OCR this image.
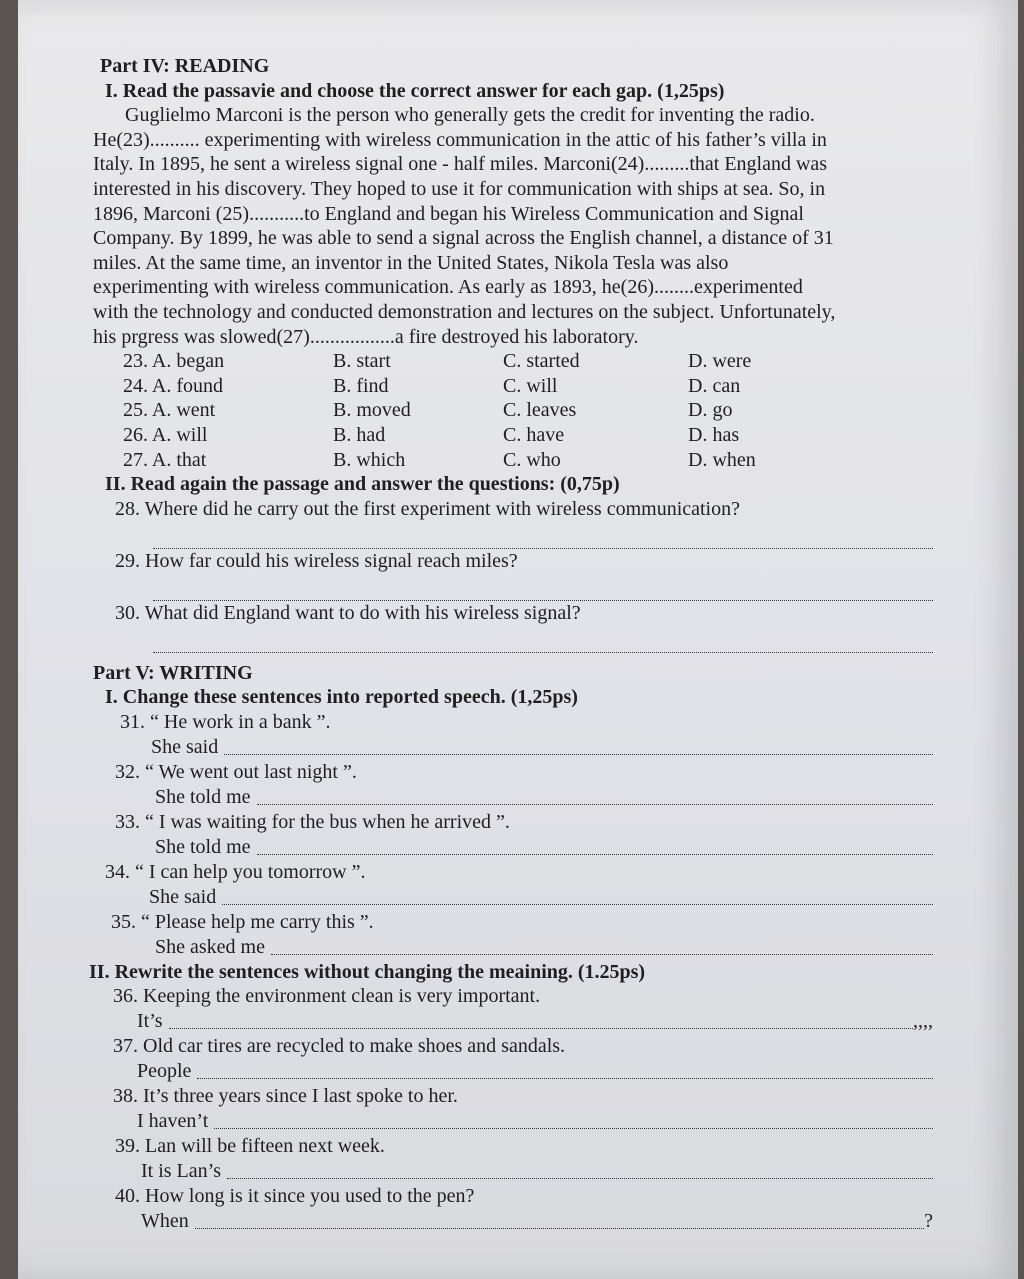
Part IV: READING
I. Read the passavie and choose the correct answer for each gap. (1,25ps)
Guglielmo Marconi is the person who generally gets the credit for inventing the radio.
He(23).......... experimenting with wireless communication in the attic of his father’s villa in
Italy. In 1895, he sent a wireless signal one - half miles. Marconi(24).........that England was
interested in his discovery. They hoped to use it for communication with ships at sea. So, in
1896, Marconi (25)...........to England and began his Wireless Communication and Signal
Company. By 1899, he was able to send a signal across the English channel, a distance of 31
miles. At the same time, an inventor in the United States, Nikola Tesla was also
experimenting with wireless communication. As early as 1893, he(26)........experimented
with the technology and conducted demonstration and lectures on the subject. Unfortunately,
his prgress was slowed(27).................a fire destroyed his laboratory.
23. A. began	B. start	C. started	D. were
24. A. found	B. find	C. will	D. can
25. A. went	B. moved	C. leaves	D. go
26. A. will	B. had	C. have	D. has
27. A. that	B. which	C. who	D. when
II. Read again the passage and answer the questions: (0,75p)
28. Where did he carry out the first experiment with wireless communication?
29. How far could his wireless signal reach miles?
30. What did England want to do with his wireless signal?
Part V: WRITING
I. Change these sentences into reported speech. (1,25ps)
31. “ He work in a bank ”.
She said
32. “ We went out last night ”.
She told me
33. “ I was waiting for the bus when he arrived ”.
She told me
34. “ I can help you tomorrow ”.
She said
35. “ Please help me carry this ”.
She asked me
II. Rewrite the sentences without changing the meaining. (1.25ps)
36. Keeping the environment clean is very important.
It’s	,,,,
37. Old car tires are recycled to make shoes and sandals.
People
38. It’s three years since I last spoke to her.
I haven’t
39. Lan will be fifteen next week.
It is Lan’s
40. How long is it since you used to the pen?
When	?
